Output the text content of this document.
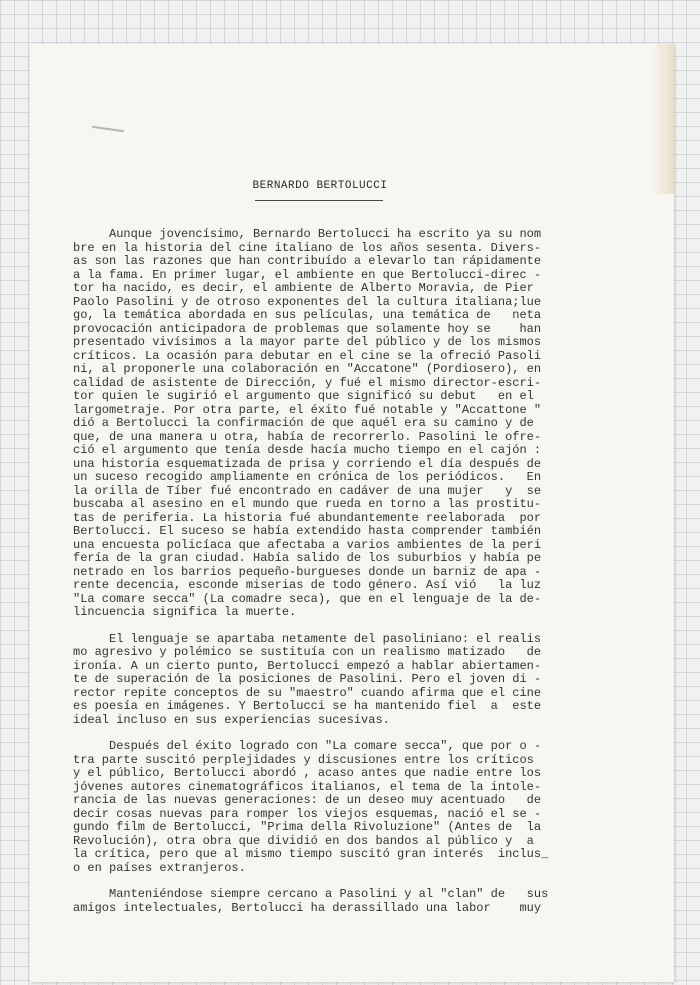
BERNARDO BERTOLUCCI
Aunque jovencísimo, Bernardo Bertolucci ha escrito ya su nom
bre en la historia del cine italiano de los años sesenta. Divers-
as son las razones que han contribuído a elevarlo tan rápidamente
a la fama. En primer lugar, el ambiente en que Bertolucci-direc -
tor ha nacido, es decir, el ambiente de Alberto Moravia, de Pier
Paolo Pasolini y de otroso exponentes del la cultura italiana;lue
go, la temática abordada en sus películas, una temática de   neta
provocación anticipadora de problemas que solamente hoy se    han
presentado vivísimos a la mayor parte del público y de los mismos
críticos. La ocasión para debutar en el cine se la ofreció Pasoli
ni, al proponerle una colaboración en "Accatone" (Pordiosero), en
calidad de asistente de Dirección, y fué el mismo director-escri-
tor quien le sugirió el argumento que significó su debut   en el
largometraje. Por otra parte, el éxito fué notable y "Accattone "
dió a Bertolucci la confirmación de que aquél era su camino y de
que, de una manera u otra, había de recorrerlo. Pasolini le ofre-
ció el argumento que tenía desde hacía mucho tiempo en el cajón :
una historia esquematizada de prisa y corriendo el día después de
un suceso recogido ampliamente en crónica de los periódicos.   En
la orilla de Tíber fué encontrado en cadáver de una mujer   y  se
buscaba al asesino en el mundo que rueda en torno a las prostitu-
tas de periferia. La historia fué abundantemente reelaborada  por
Bertolucci. El suceso se había extendido hasta comprender también
una encuesta policíaca que afectaba a varios ambientes de la peri
fería de la gran ciudad. Había salido de los suburbios y había pe
netrado en los barrios pequeño-burgueses donde un barniz de apa -
rente decencia, esconde miserias de todo género. Así vió   la luz
"La comare secca" (La comadre seca), que en el lenguaje de la de-
lincuencia significa la muerte.
El lenguaje se apartaba netamente del pasoliniano: el realis
mo agresivo y polémico se sustituía con un realismo matizado   de
ironía. A un cierto punto, Bertolucci empezó a hablar abiertamen-
te de superación de la posiciones de Pasolini. Pero el joven di -
rector repite conceptos de su "maestro" cuando afirma que el cine
es poesía en imágenes. Y Bertolucci se ha mantenido fiel  a  este
ideal incluso en sus experiencias sucesivas.
Después del éxito logrado con "La comare secca", que por o -
tra parte suscitó perplejidades y discusiones entre los críticos
y el público, Bertolucci abordó , acaso antes que nadie entre los
jóvenes autores cinematográficos italianos, el tema de la intole-
rancia de las nuevas generaciones: de un deseo muy acentuado   de
decir cosas nuevas para romper los viejos esquemas, nació el se -
gundo film de Bertolucci, "Prima della Rivoluzione" (Antes de  la
Revolución), otra obra que dividió en dos bandos al público y  a
la crítica, pero que al mismo tiempo suscitó gran interés  inclus_
o en países extranjeros.
Manteniéndose siempre cercano a Pasolini y al "clan" de   sus
amigos intelectuales, Bertolucci ha derassillado una labor    muy
